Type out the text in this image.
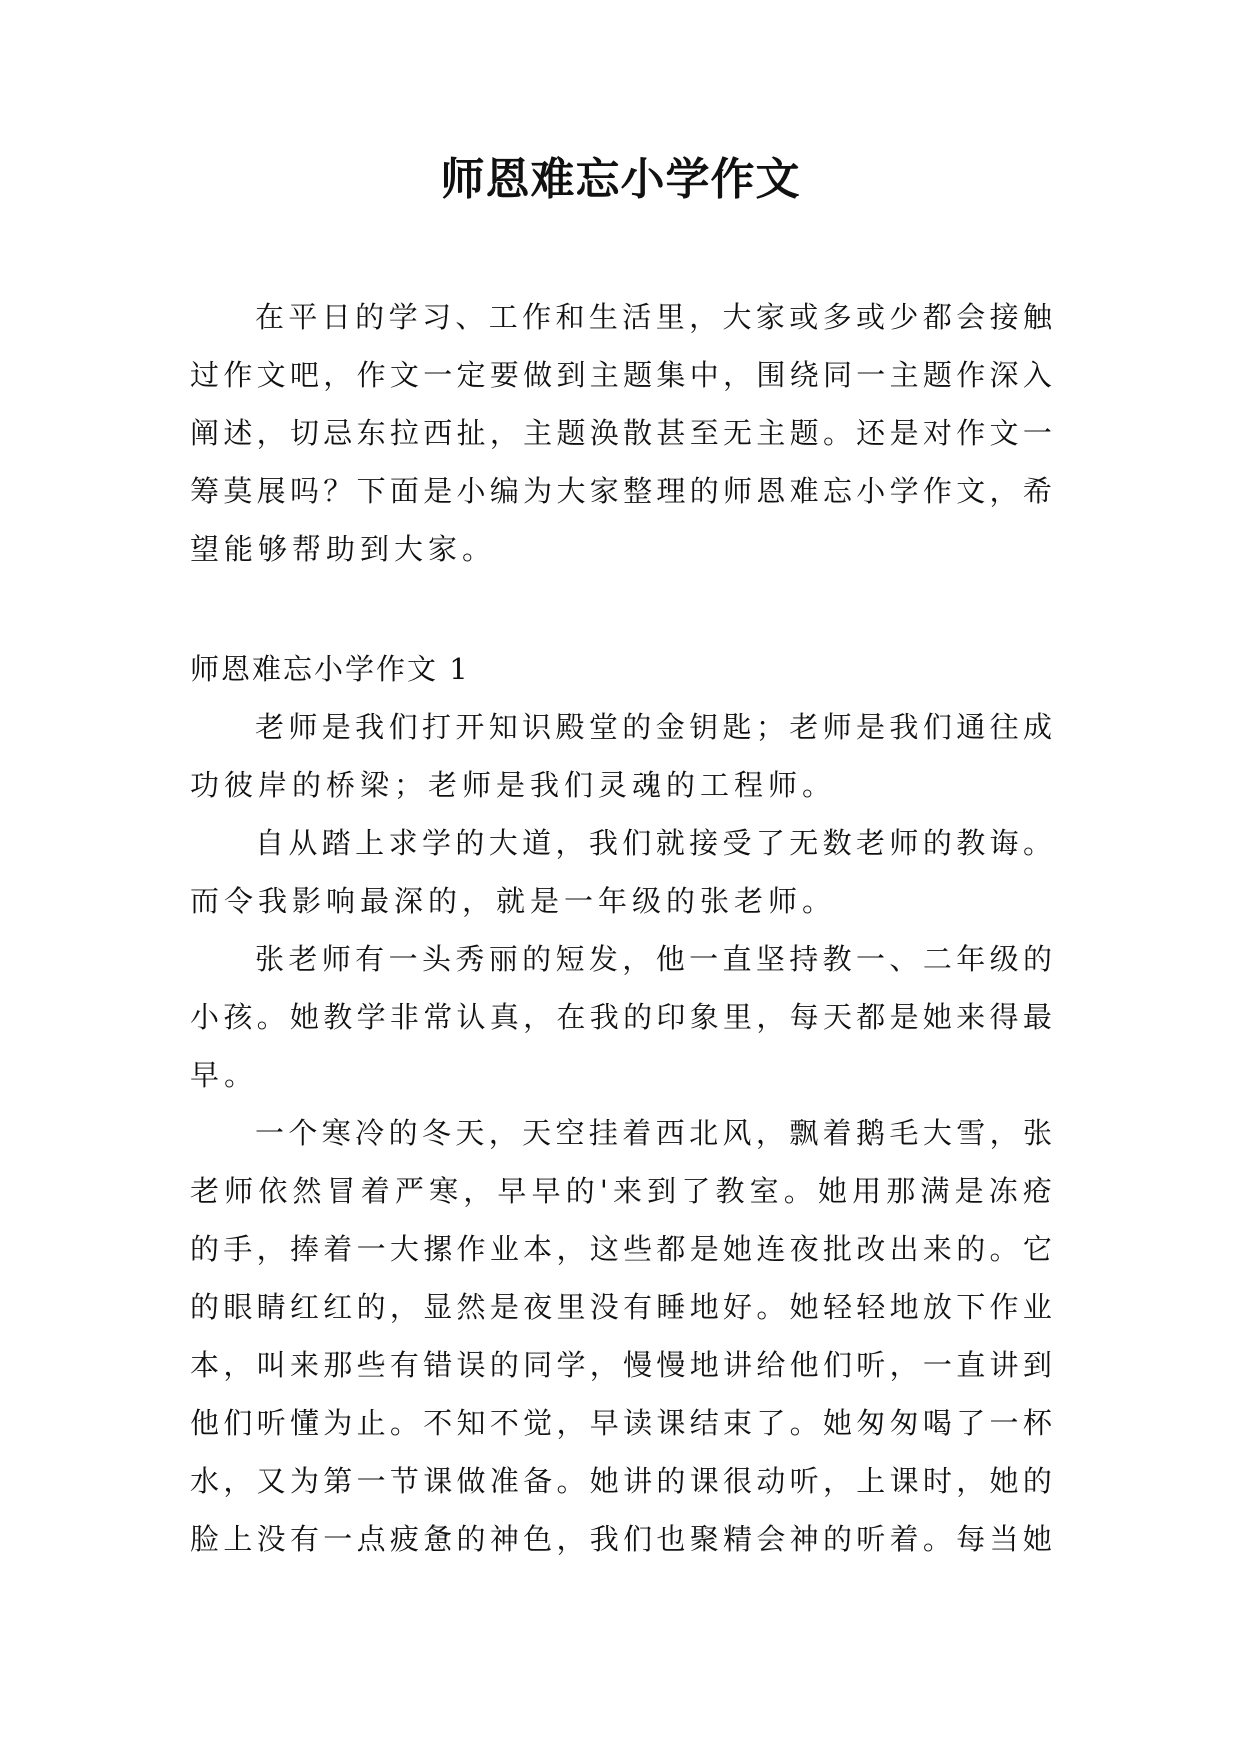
师恩难忘小学作文
在 平 日 的 学 习 、 工 作 和 生 活 里 ， 大 家 或 多 或 少 都 会 接 触
过 作 文 吧 ， 作 文 一 定 要 做 到 主 题 集 中 ， 围 绕 同 一 主 题 作 深 入
阐 述 ， 切 忌 东 拉 西 扯 ， 主 题 涣 散 甚 至 无 主 题 。 还 是 对 作 文 一
筹 莫 展 吗 ？ 下 面 是 小 编 为 大 家 整 理 的 师 恩 难 忘 小 学 作 文 ， 希
望能够帮助到大家。
师恩难忘小学作文 1
老 师 是 我 们 打 开 知 识 殿 堂 的 金 钥 匙 ； 老 师 是 我 们 通 往 成
功彼岸的桥梁；老师是我们灵魂的工程师。
自 从 踏 上 求 学 的 大 道 ， 我 们 就 接 受 了 无 数 老 师 的 教 诲 。
而令我影响最深的，就是一年级的张老师。
张 老 师 有 一 头 秀 丽 的 短 发 ， 他 一 直 坚 持 教 一 、 二 年 级 的
小 孩 。 她 教 学 非 常 认 真 ， 在 我 的 印 象 里 ， 每 天 都 是 她 来 得 最
早。
一 个 寒 冷 的 冬 天 ， 天 空 挂 着 西 北 风 ， 飘 着 鹅 毛 大 雪 ， 张
老 师 依 然 冒 着 严 寒 ， 早 早 的 ' 来 到 了 教 室 。 她 用 那 满 是 冻 疮
的 手 ， 捧 着 一 大 摞 作 业 本 ， 这 些 都 是 她 连 夜 批 改 出 来 的 。 它
的 眼 睛 红 红 的 ， 显 然 是 夜 里 没 有 睡 地 好 。 她 轻 轻 地 放 下 作 业
本 ， 叫 来 那 些 有 错 误 的 同 学 ， 慢 慢 地 讲 给 他 们 听 ， 一 直 讲 到
他 们 听 懂 为 止 。 不 知 不 觉 ， 早 读 课 结 束 了 。 她 匆 匆 喝 了 一 杯
水 ， 又 为 第 一 节 课 做 准 备 。 她 讲 的 课 很 动 听 ， 上 课 时 ， 她 的
脸 上 没 有 一 点 疲 惫 的 神 色 ， 我 们 也 聚 精 会 神 的 听 着 。 每 当 她
